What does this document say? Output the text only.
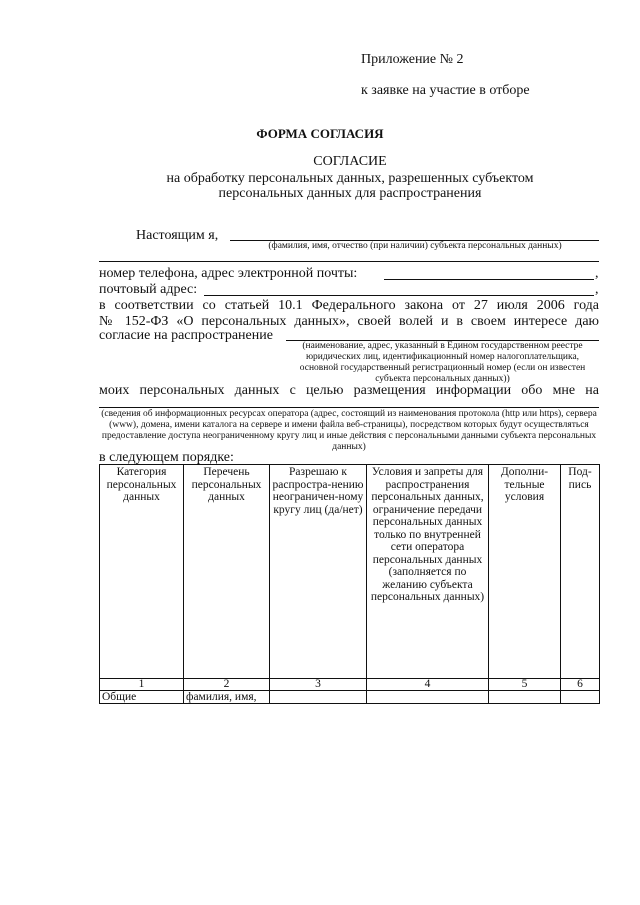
Приложение № 2
к заявке на участие в отборе
ФОРМА СОГЛАСИЯ
СОГЛАСИЕ
на обработку персональных данных, разрешенных субъектом
персональных данных для распространения
Настоящим я,
(фамилия, имя, отчество (при наличии) субъекта персональных данных)
номер телефона, адрес электронной почты:	,
почтовый адрес:	,
в соответствии со статьей 10.1 Федерального закона от 27 июля 2006 года
№ 152-ФЗ «О персональных данных», своей волей и в своем интересе даю
согласие на распространение
(наименование, адрес, указанный в Едином государственном реестре юридических лиц, идентификационный номер налогоплательщика, основной государственный регистрационный номер (если он известен субъекта персональных данных))
моих персональных данных с целью размещения информации обо мне на
(сведения об информационных ресурсах оператора (адрес, состоящий из наименования протокола (http или https), сервера (www), домена, имени каталога на сервере и имени файла веб-страницы), посредством которых будут осуществляться предоставление доступа неограниченному кругу лиц и иные действия с персональными данными субъекта персональных данных)
в следующем порядке:
Категория персональных данных	Перечень персональных данных	Разрешаю к распростра-нению неограничен-ному кругу лиц (да/нет)	Условия и запреты для распространения персональных данных, ограничение передачи персональных данных только по внутренней сети оператора персональных данных (заполняется по желанию субъекта персональных данных)	Дополни-тельные условия	Под-пись
1	2	3	4	5	6
Общие	фамилия, имя,				
